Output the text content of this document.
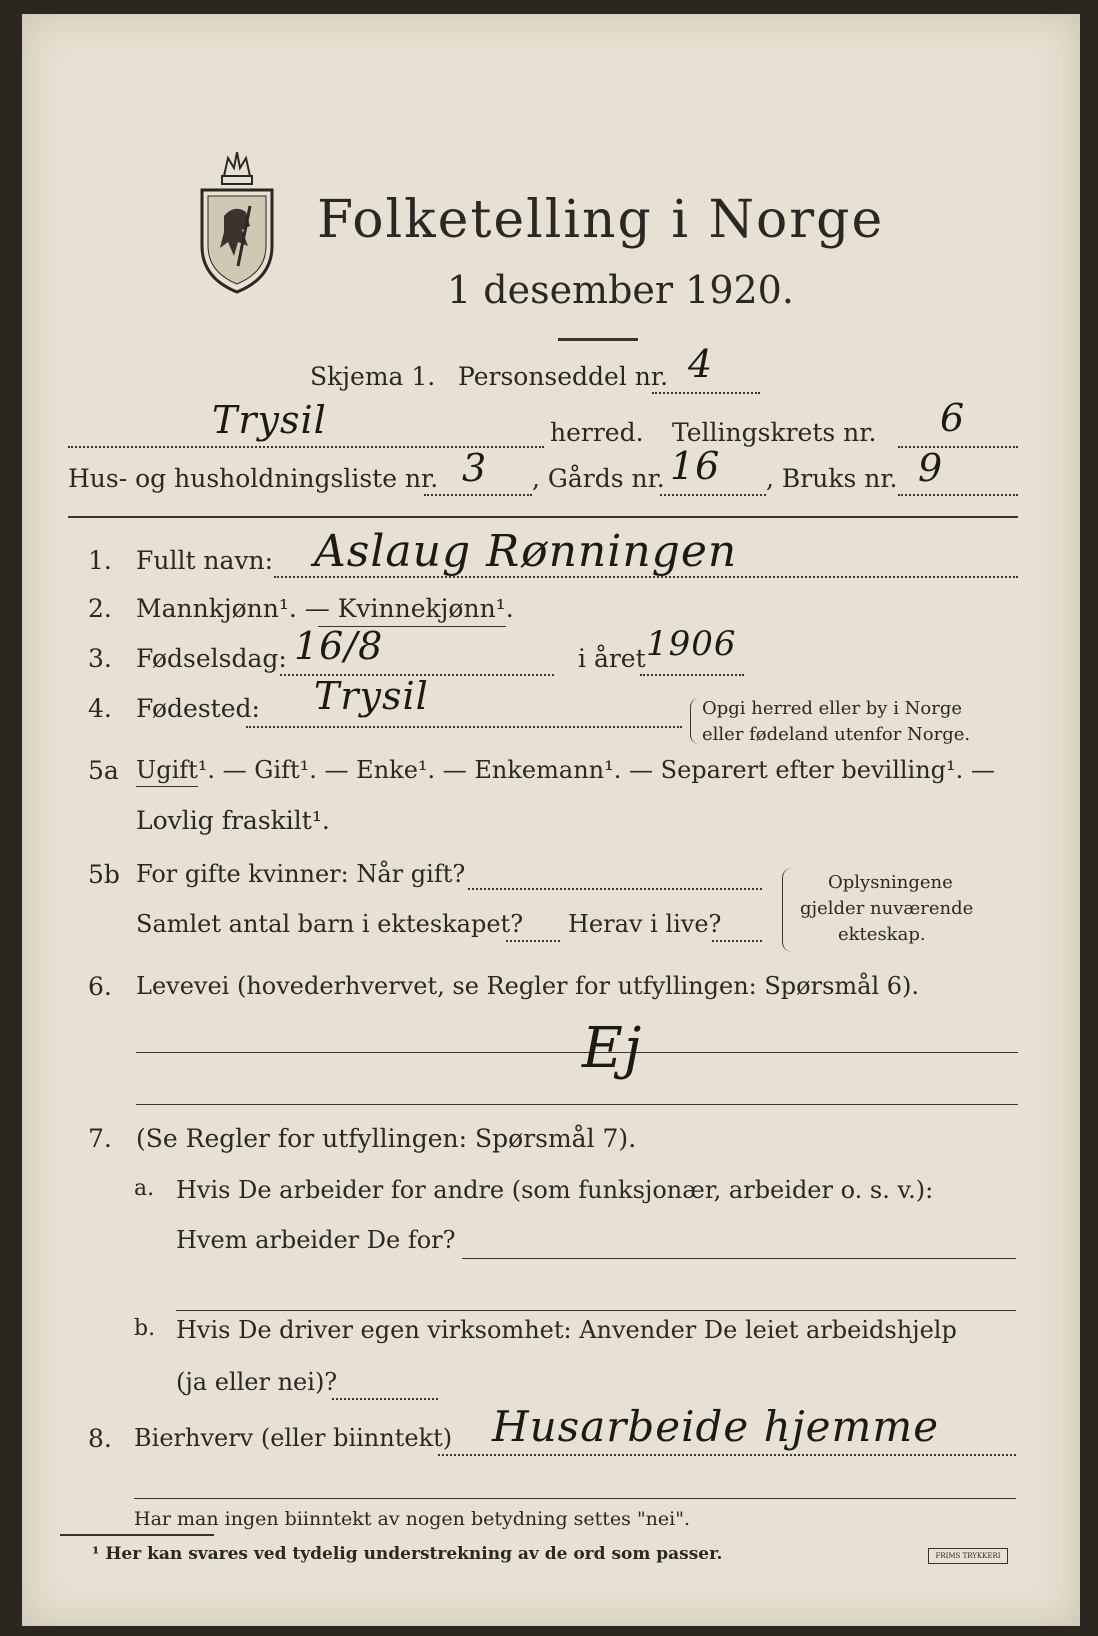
Folketelling i Norge
1 desember 1920.
Skjema 1. Personseddel nr. 4
Trysil	herred. Tellingskrets nr. 6
Hus- og husholdningsliste nr. 3 , Gårds nr. 16 , Bruks nr. 9
1. Fullt navn: Aslaug Rønningen
2. Mannkjønn¹. — Kvinnekjønn¹.
3. Fødselsdag: 16/8	i året 1906
4. Fødested: Trysil	Opgi herred eller by i Norge
eller fødeland utenfor Norge.
5a Ugift¹. — Gift¹. — Enke¹. — Enkemann¹. — Separert efter bevilling¹. —
Lovlig fraskilt¹.
5b For gifte kvinner: Når gift?
Samlet antal barn i ekteskapet? Herav i live?
Oplysningene
gjelder nuværende
ekteskap.
6. Levevei (hovederhvervet, se Regler for utfyllingen: Spørsmål 6).
Ej
7. (Se Regler for utfyllingen: Spørsmål 7).
a. Hvis De arbeider for andre (som funksjonær, arbeider o. s. v.):
Hvem arbeider De for?
b. Hvis De driver egen virksomhet: Anvender De leiet arbeidshjelp
(ja eller nei)?
8. Bierhverv (eller biinntekt) Husarbeide hjemme
Har man ingen biinntekt av nogen betydning settes "nei".
¹ Her kan svares ved tydelig understrekning av de ord som passer.	FRIMS TRYKKERI
